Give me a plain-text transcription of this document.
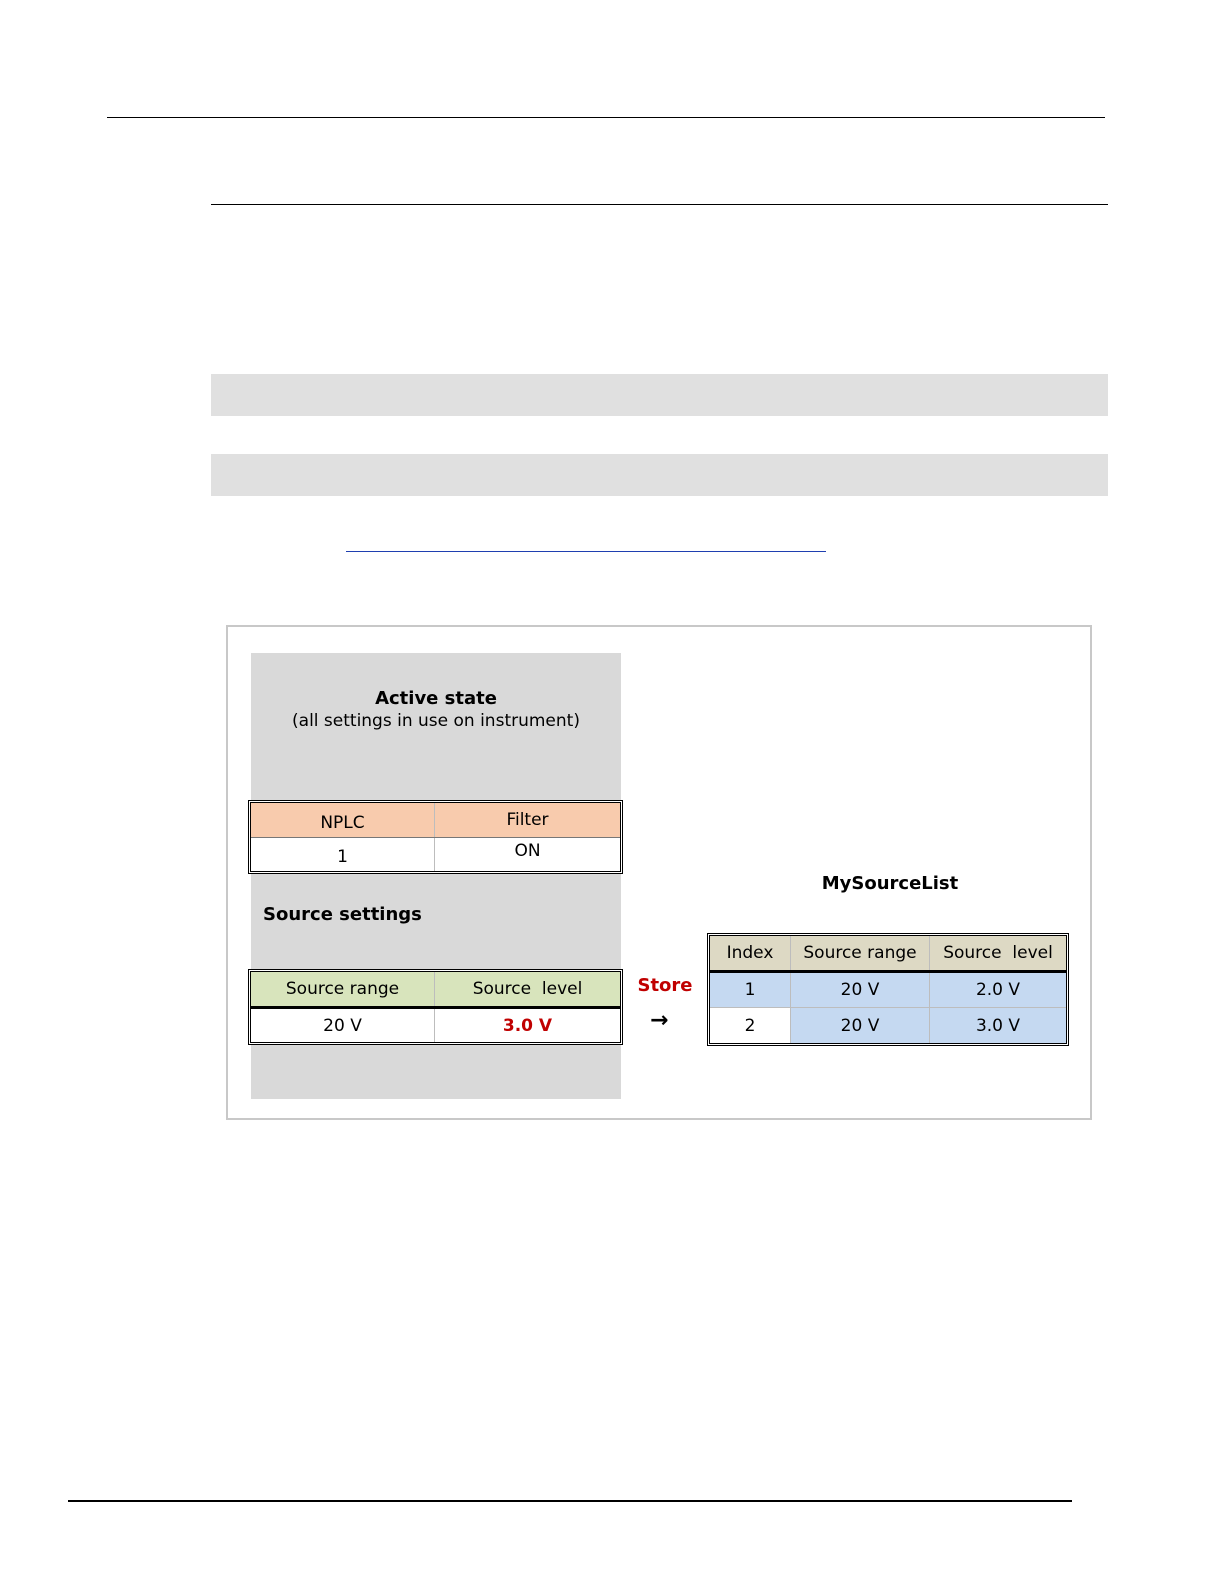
Active state
(all settings in use on instrument)
NPLC	Filter
1	ON
Source settings
Source range	Source  level
20 V	3.0 V
Store
→
MySourceList
Index	Source range	Source  level
1	20 V	2.0 V
2	20 V	3.0 V
